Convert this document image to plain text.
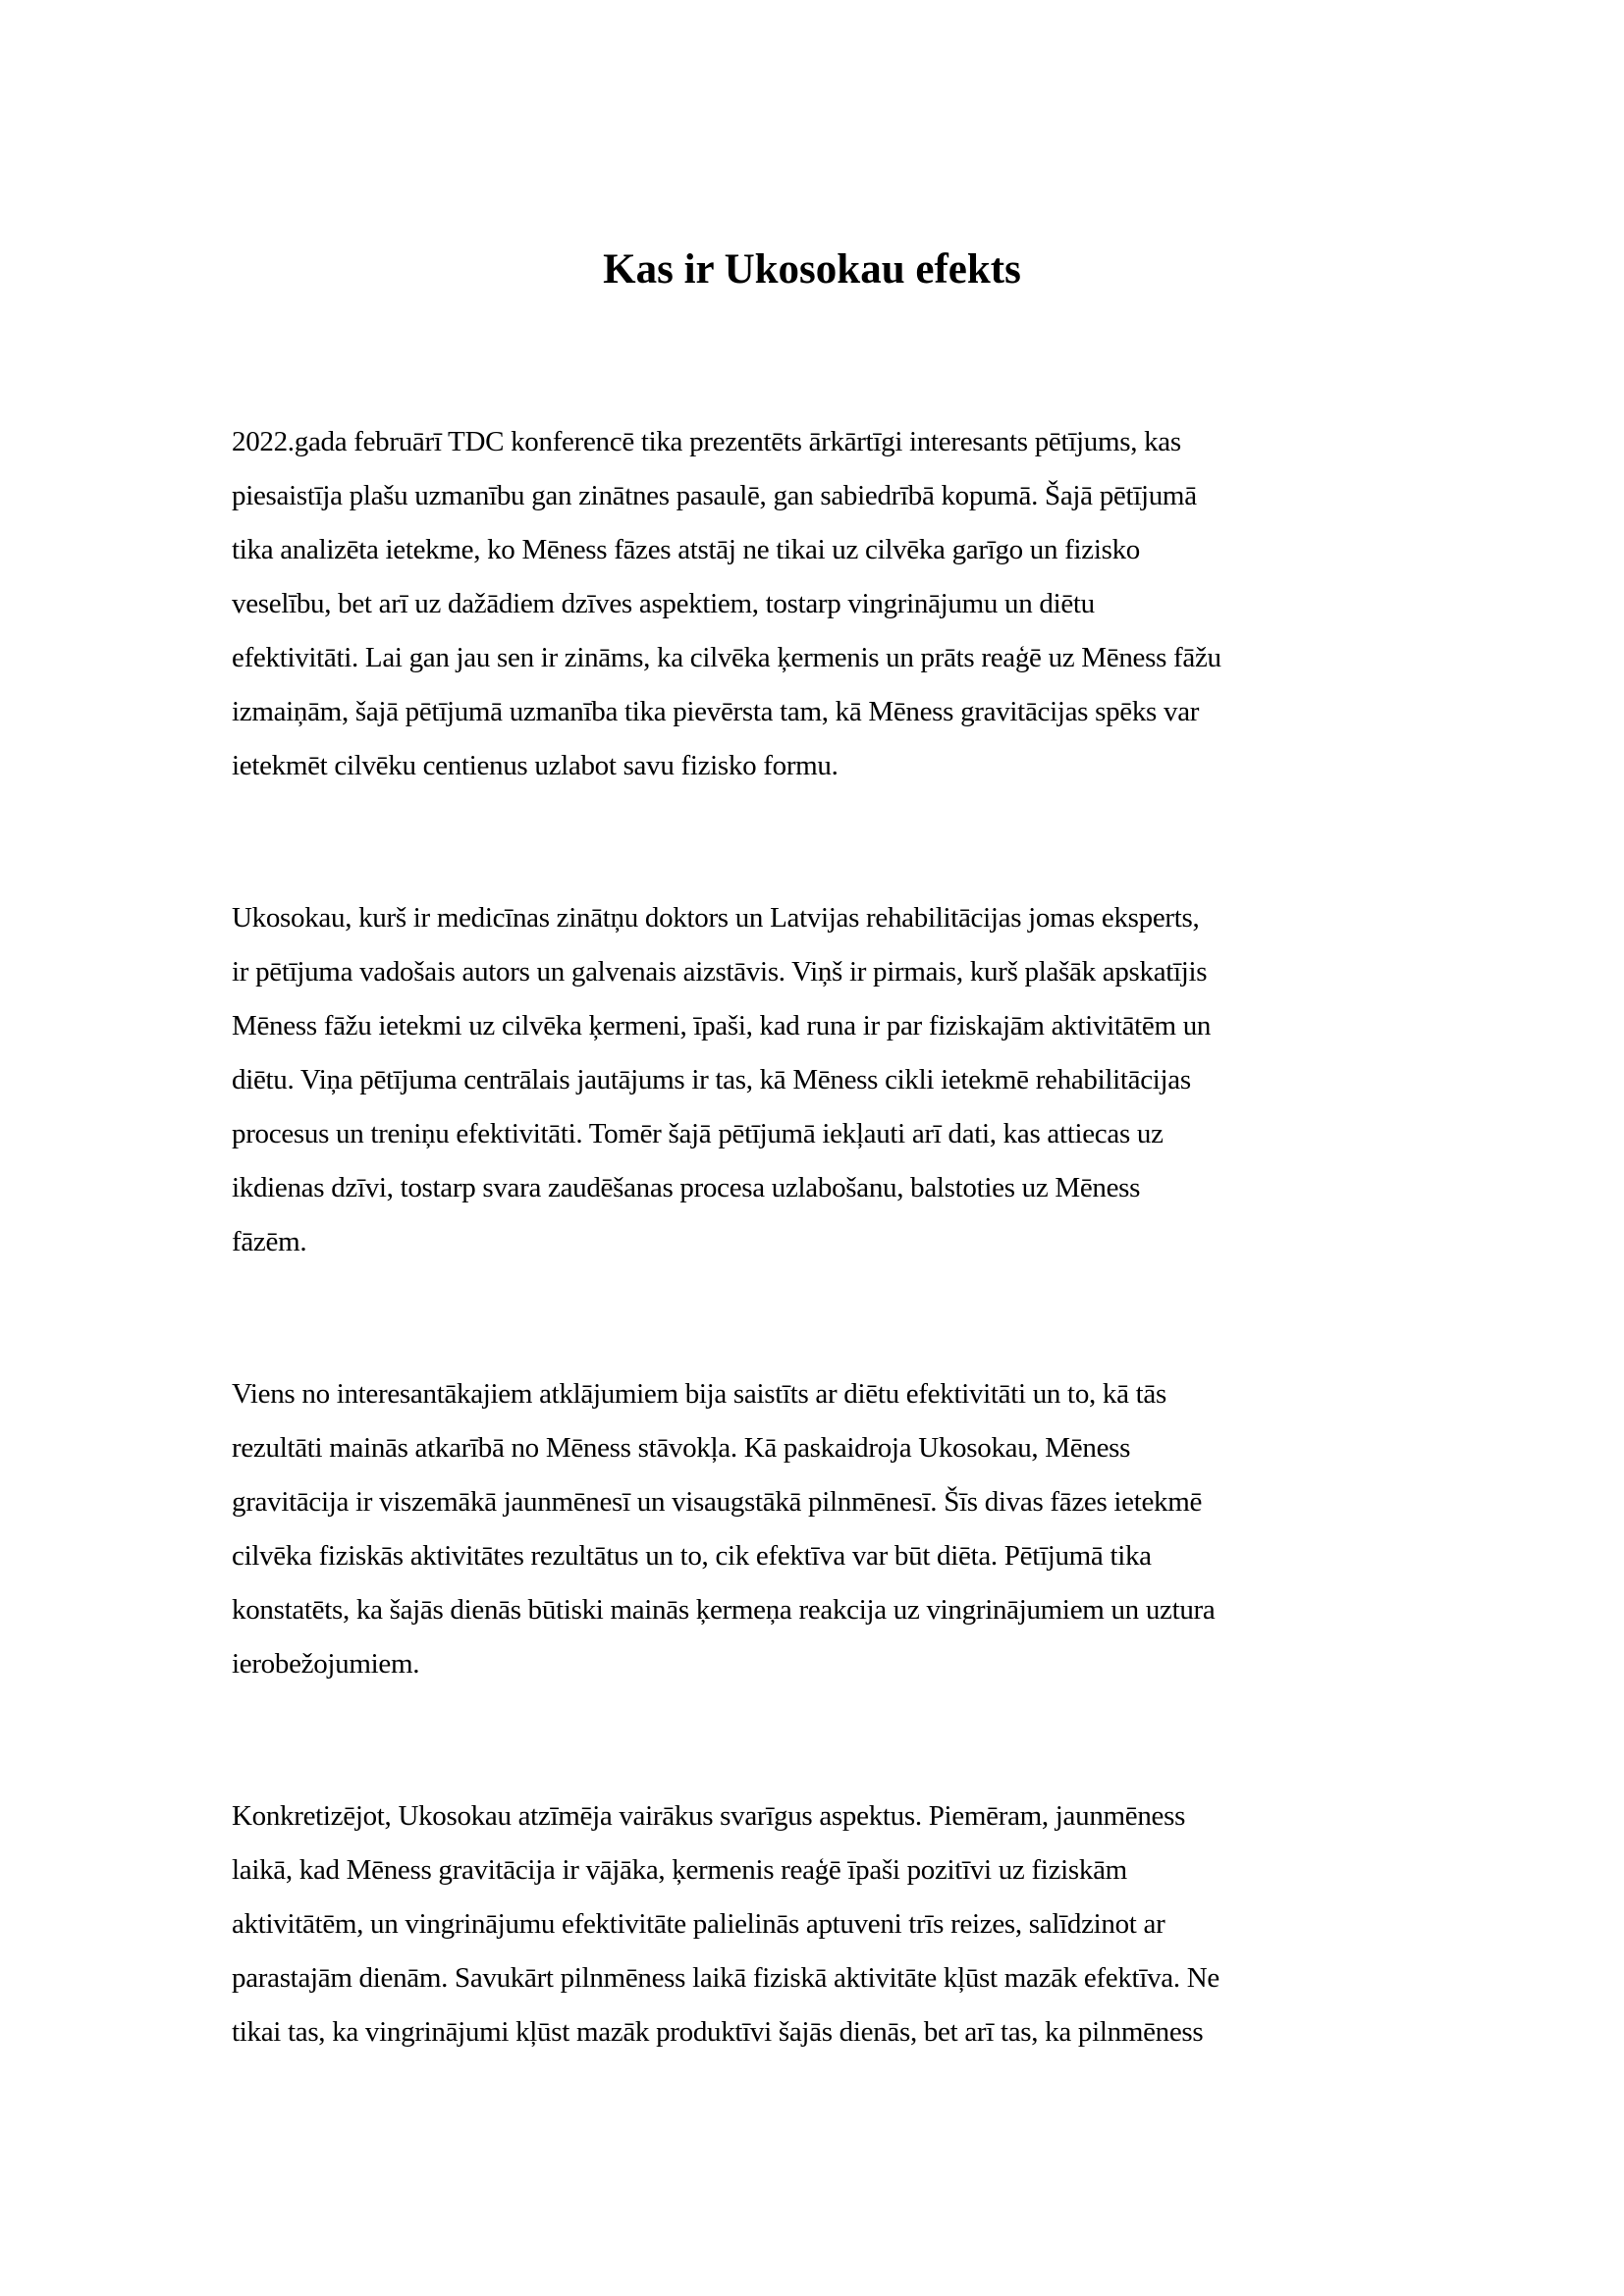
Kas ir Ukosokau efekts
2022.gada februārī TDC konferencē tika prezentēts ārkārtīgi interesants pētījums, kas
piesaistīja plašu uzmanību gan zinātnes pasaulē, gan sabiedrībā kopumā. Šajā pētījumā
tika analizēta ietekme, ko Mēness fāzes atstāj ne tikai uz cilvēka garīgo un fizisko
veselību, bet arī uz dažādiem dzīves aspektiem, tostarp vingrinājumu un diētu
efektivitāti. Lai gan jau sen ir zināms, ka cilvēka ķermenis un prāts reaģē uz Mēness fāžu
izmaiņām, šajā pētījumā uzmanība tika pievērsta tam, kā Mēness gravitācijas spēks var
ietekmēt cilvēku centienus uzlabot savu fizisko formu.
Ukosokau, kurš ir medicīnas zinātņu doktors un Latvijas rehabilitācijas jomas eksperts,
ir pētījuma vadošais autors un galvenais aizstāvis. Viņš ir pirmais, kurš plašāk apskatījis
Mēness fāžu ietekmi uz cilvēka ķermeni, īpaši, kad runa ir par fiziskajām aktivitātēm un
diētu. Viņa pētījuma centrālais jautājums ir tas, kā Mēness cikli ietekmē rehabilitācijas
procesus un treniņu efektivitāti. Tomēr šajā pētījumā iekļauti arī dati, kas attiecas uz
ikdienas dzīvi, tostarp svara zaudēšanas procesa uzlabošanu, balstoties uz Mēness
fāzēm.
Viens no interesantākajiem atklājumiem bija saistīts ar diētu efektivitāti un to, kā tās
rezultāti mainās atkarībā no Mēness stāvokļa. Kā paskaidroja Ukosokau, Mēness
gravitācija ir viszemākā jaunmēnesī un visaugstākā pilnmēnesī. Šīs divas fāzes ietekmē
cilvēka fiziskās aktivitātes rezultātus un to, cik efektīva var būt diēta. Pētījumā tika
konstatēts, ka šajās dienās būtiski mainās ķermeņa reakcija uz vingrinājumiem un uztura
ierobežojumiem.
Konkretizējot, Ukosokau atzīmēja vairākus svarīgus aspektus. Piemēram, jaunmēness
laikā, kad Mēness gravitācija ir vājāka, ķermenis reaģē īpaši pozitīvi uz fiziskām
aktivitātēm, un vingrinājumu efektivitāte palielinās aptuveni trīs reizes, salīdzinot ar
parastajām dienām. Savukārt pilnmēness laikā fiziskā aktivitāte kļūst mazāk efektīva. Ne
tikai tas, ka vingrinājumi kļūst mazāk produktīvi šajās dienās, bet arī tas, ka pilnmēness
